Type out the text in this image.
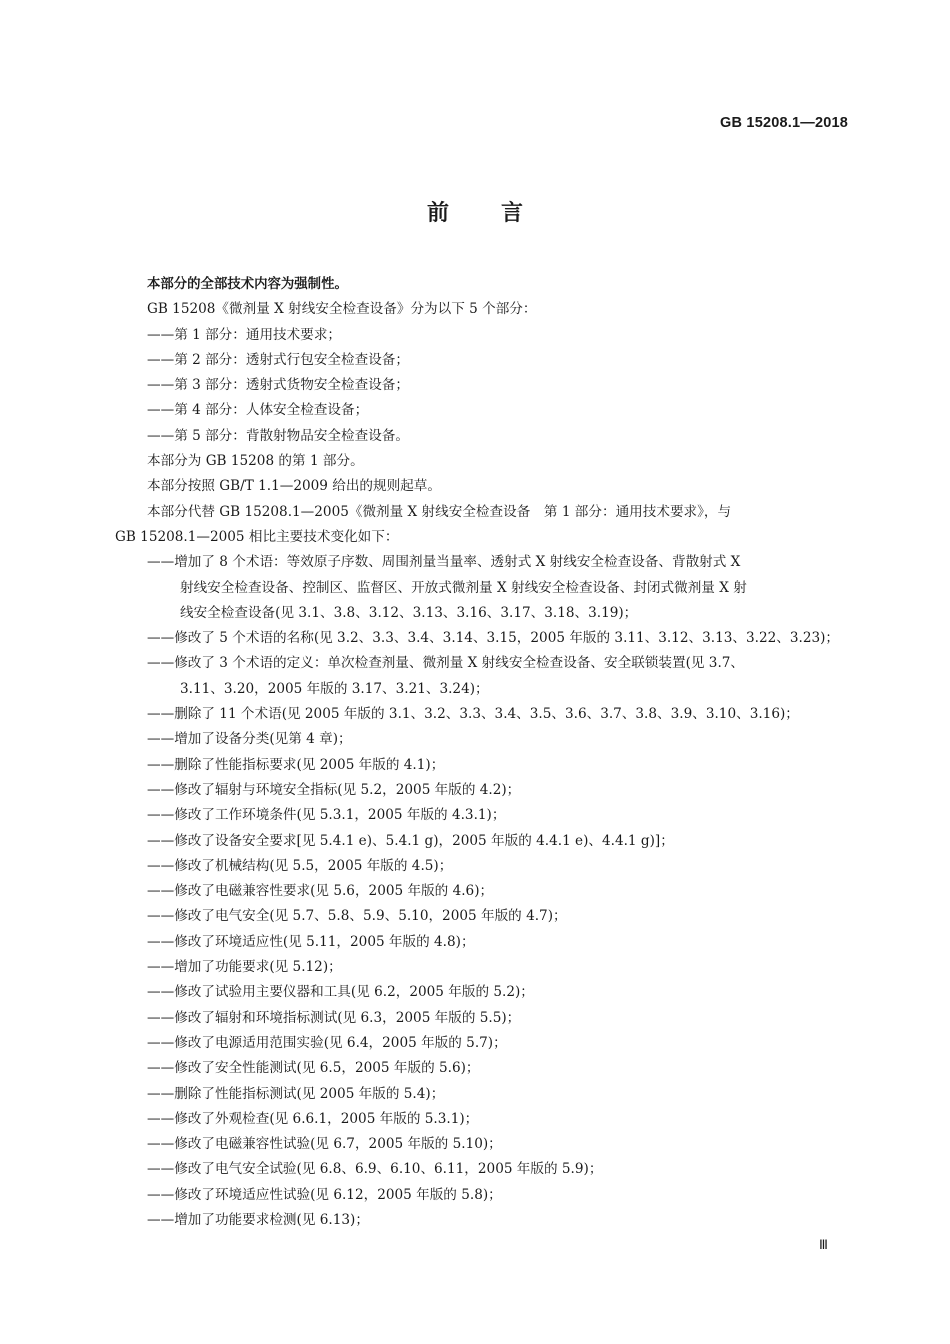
GB 15208.1—2018
前言
本部分的全部技术内容为强制性。
GB 15208《微剂量 X 射线安全检查设备》分为以下 5 个部分：
——第 1 部分：通用技术要求；
——第 2 部分：透射式行包安全检查设备；
——第 3 部分：透射式货物安全检查设备；
——第 4 部分：人体安全检查设备；
——第 5 部分：背散射物品安全检查设备。
本部分为 GB 15208 的第 1 部分。
本部分按照 GB/T 1.1—2009 给出的规则起草。
本部分代替 GB 15208.1—2005《微剂量 X 射线安全检查设备　第 1 部分：通用技术要求》，与
GB 15208.1—2005 相比主要技术变化如下：
——增加了 8 个术语：等效原子序数、周围剂量当量率、透射式 X 射线安全检查设备、背散射式 X
射线安全检查设备、控制区、监督区、开放式微剂量 X 射线安全检查设备、封闭式微剂量 X 射
线安全检查设备(见 3.1、3.8、3.12、3.13、3.16、3.17、3.18、3.19)；
——修改了 5 个术语的名称(见 3.2、3.3、3.4、3.14、3.15，2005 年版的 3.11、3.12、3.13、3.22、3.23)；
——修改了 3 个术语的定义：单次检查剂量、微剂量 X 射线安全检查设备、安全联锁装置(见 3.7、
3.11、3.20，2005 年版的 3.17、3.21、3.24)；
——删除了 11 个术语(见 2005 年版的 3.1、3.2、3.3、3.4、3.5、3.6、3.7、3.8、3.9、3.10、3.16)；
——增加了设备分类(见第 4 章)；
——删除了性能指标要求(见 2005 年版的 4.1)；
——修改了辐射与环境安全指标(见 5.2，2005 年版的 4.2)；
——修改了工作环境条件(见 5.3.1，2005 年版的 4.3.1)；
——修改了设备安全要求[见 5.4.1 e)、5.4.1 g)，2005 年版的 4.4.1 e)、4.4.1 g)]；
——修改了机械结构(见 5.5，2005 年版的 4.5)；
——修改了电磁兼容性要求(见 5.6，2005 年版的 4.6)；
——修改了电气安全(见 5.7、5.8、5.9、5.10，2005 年版的 4.7)；
——修改了环境适应性(见 5.11，2005 年版的 4.8)；
——增加了功能要求(见 5.12)；
——修改了试验用主要仪器和工具(见 6.2，2005 年版的 5.2)；
——修改了辐射和环境指标测试(见 6.3，2005 年版的 5.5)；
——修改了电源适用范围实验(见 6.4，2005 年版的 5.7)；
——修改了安全性能测试(见 6.5，2005 年版的 5.6)；
——删除了性能指标测试(见 2005 年版的 5.4)；
——修改了外观检查(见 6.6.1，2005 年版的 5.3.1)；
——修改了电磁兼容性试验(见 6.7，2005 年版的 5.10)；
——修改了电气安全试验(见 6.8、6.9、6.10、6.11，2005 年版的 5.9)；
——修改了环境适应性试验(见 6.12，2005 年版的 5.8)；
——增加了功能要求检测(见 6.13)；
Ⅲ
